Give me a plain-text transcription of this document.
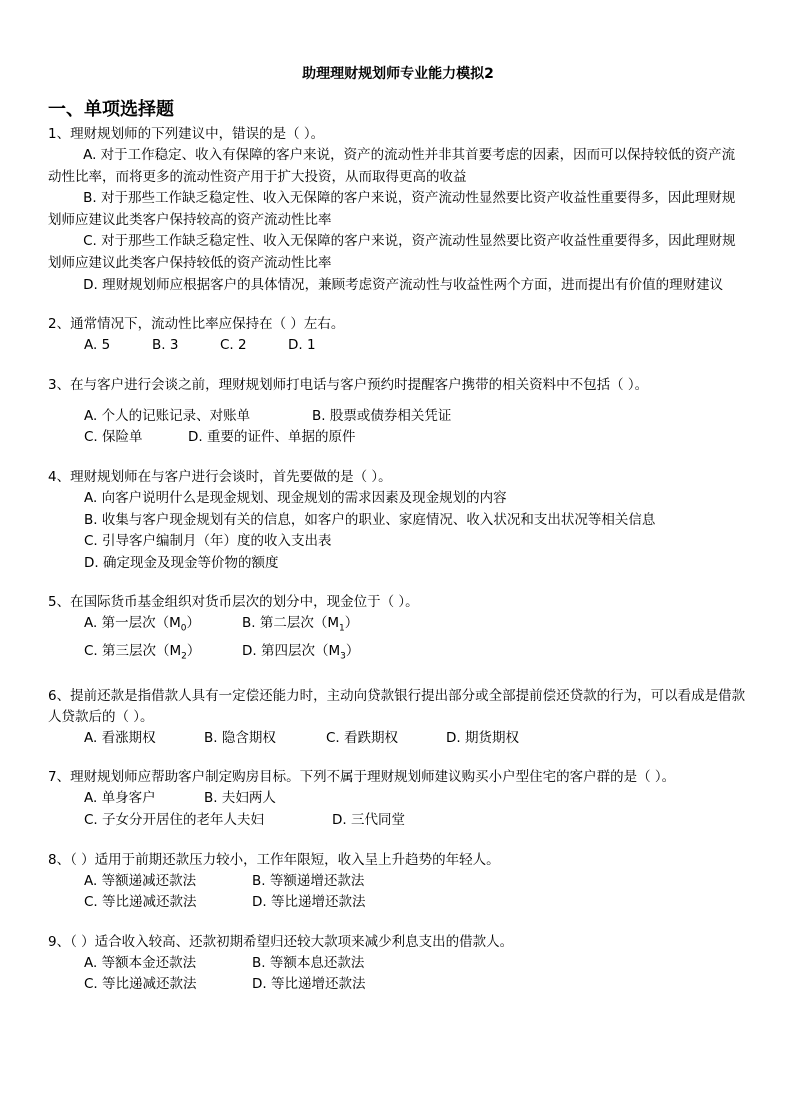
助理理财规划师专业能力模拟2
一、单项选择题
1、理财规划师的下列建议中，错误的是（ ）。
A. 对于工作稳定、收入有保障的客户来说，资产的流动性并非其首要考虑的因素，因而可以保持较低的资产流动性比率，而将更多的流动性资产用于扩大投资，从而取得更高的收益
B. 对于那些工作缺乏稳定性、收入无保障的客户来说，资产流动性显然要比资产收益性重要得多，因此理财规划师应建议此类客户保持较高的资产流动性比率
C. 对于那些工作缺乏稳定性、收入无保障的客户来说，资产流动性显然要比资产收益性重要得多，因此理财规划师应建议此类客户保持较低的资产流动性比率
D. 理财规划师应根据客户的具体情况，兼顾考虑资产流动性与收益性两个方面，进而提出有价值的理财建议
2、通常情况下，流动性比率应保持在（ ）左右。
A. 5	B. 3	C. 2	D. 1
3、在与客户进行会谈之前，理财规划师打电话与客户预约时提醒客户携带的相关资料中不包括（ ）。
A. 个人的记账记录、对账单	B. 股票或债券相关凭证
C. 保险单	D. 重要的证件、单据的原件
4、理财规划师在与客户进行会谈时，首先要做的是（ ）。
A. 向客户说明什么是现金规划、现金规划的需求因素及现金规划的内容
B. 收集与客户现金规划有关的信息，如客户的职业、家庭情况、收入状况和支出状况等相关信息
C. 引导客户编制月（年）度的收入支出表
D. 确定现金及现金等价物的额度
5、在国际货币基金组织对货币层次的划分中，现金位于（ ）。
A. 第一层次$(M_0)$	B. 第二层次$(M_1)$
C. 第三层次$(M_2)$	D. 第四层次$(M_3)$
6、提前还款是指借款人具有一定偿还能力时，主动向贷款银行提出部分或全部提前偿还贷款的行为，可以看成是借款人贷款后的（ ）。
A. 看涨期权	B. 隐含期权	C. 看跌期权	D. 期货期权
7、理财规划师应帮助客户制定购房目标。下列不属于理财规划师建议购买小户型住宅的客户群的是（ ）。
A. 单身客户	B. 夫妇两人
C. 子女分开居住的老年人夫妇	D. 三代同堂
8、（ ）适用于前期还款压力较小，工作年限短，收入呈上升趋势的年轻人。
A. 等额递减还款法	B. 等额递增还款法
C. 等比递减还款法	D. 等比递增还款法
9、（ ）适合收入较高、还款初期希望归还较大款项来减少利息支出的借款人。
A. 等额本金还款法	B. 等额本息还款法
C. 等比递减还款法	D. 等比递增还款法
